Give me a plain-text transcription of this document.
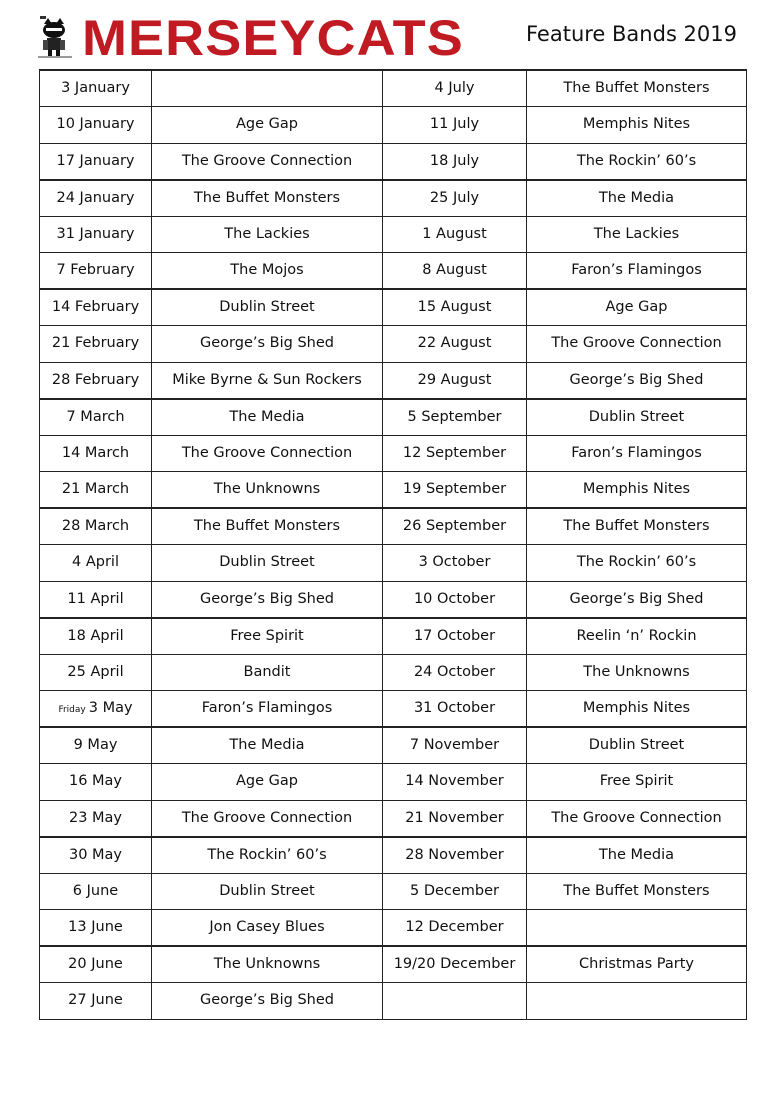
MERSEYCATS	Feature Bands 2019
3 January		4 July	The Buffet Monsters
10 January	Age Gap	11 July	Memphis Nites
17 January	The Groove Connection	18 July	The Rockin’ 60’s
24 January	The Buffet Monsters	25 July	The Media
31 January	The Lackies	1 August	The Lackies
7 February	The Mojos	8 August	Faron’s Flamingos
14 February	Dublin Street	15 August	Age Gap
21 February	George’s Big Shed	22 August	The Groove Connection
28 February	Mike Byrne & Sun Rockers	29 August	George’s Big Shed
7 March	The Media	5 September	Dublin Street
14 March	The Groove Connection	12 September	Faron’s Flamingos
21 March	The Unknowns	19 September	Memphis Nites
28 March	The Buffet Monsters	26 September	The Buffet Monsters
4 April	Dublin Street	3 October	The Rockin’ 60’s
11 April	George’s Big Shed	10 October	George’s Big Shed
18 April	Free Spirit	17 October	Reelin ‘n’ Rockin
25 April	Bandit	24 October	The Unknowns
Friday 3 May	Faron’s Flamingos	31 October	Memphis Nites
9 May	The Media	7 November	Dublin Street
16 May	Age Gap	14 November	Free Spirit
23 May	The Groove Connection	21 November	The Groove Connection
30 May	The Rockin’ 60’s	28 November	The Media
6 June	Dublin Street	5 December	The Buffet Monsters
13 June	Jon Casey Blues	12 December	
20 June	The Unknowns	19/20 December	Christmas Party
27 June	George’s Big Shed		
